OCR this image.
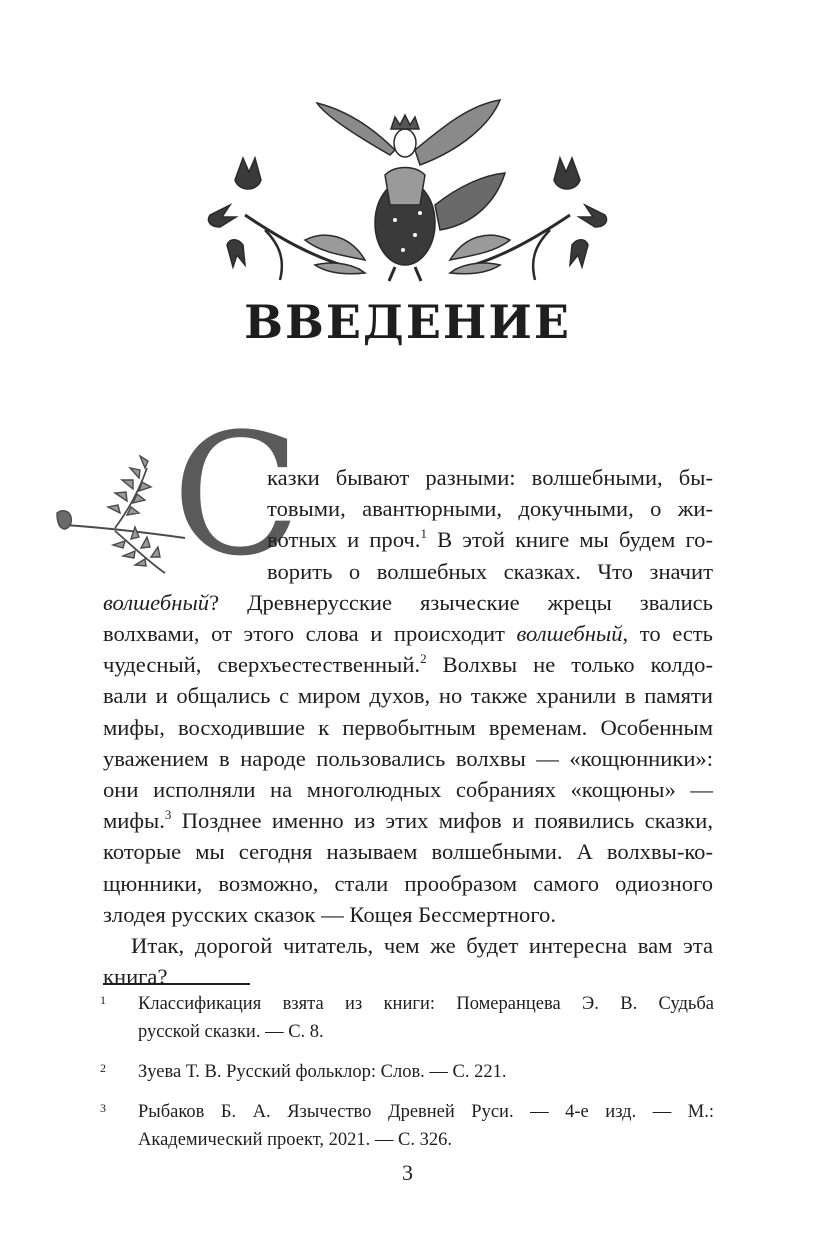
ВВЕДЕНИЕ
С

казки бывают разными: волшебными, бы-
товыми, авантюрными, докучными, о жи-
вотных и проч.$^1$ В этой книге мы будем го-
ворить о волшебных сказках. Что значит
волшебный? Древнерусские языческие жрецы звались
волхвами, от этого слова и происходит волшебный, то есть
чудесный, сверхъестественный.$^2$ Волхвы не только колдо-
вали и общались с миром духов, но также хранили в памяти
мифы, восходившие к первобытным временам. Особенным
уважением в народе пользовались волхвы — «кощюнники»:
они исполняли на многолюдных собраниях «кощюны» —
мифы.$^3$ Позднее именно из этих мифов и появились сказки,
которые мы сегодня называем волшебными. А волхвы-ко-
щюнники, возможно, стали прообразом самого одиозного
злодея русских сказок — Кощея Бессмертного.

Итак, дорогой читатель, чем же будет интересна вам эта
книга?

1 Классификация взята из книги: Померанцева Э. В. Судьба
русской сказки. — С. 8.
2 Зуева Т. В. Русский фольклор: Слов. — С. 221.
3 Рыбаков Б. А. Язычество Древней Руси. — 4-е изд. — М.:
Академический проект, 2021. — С. 326.
3
